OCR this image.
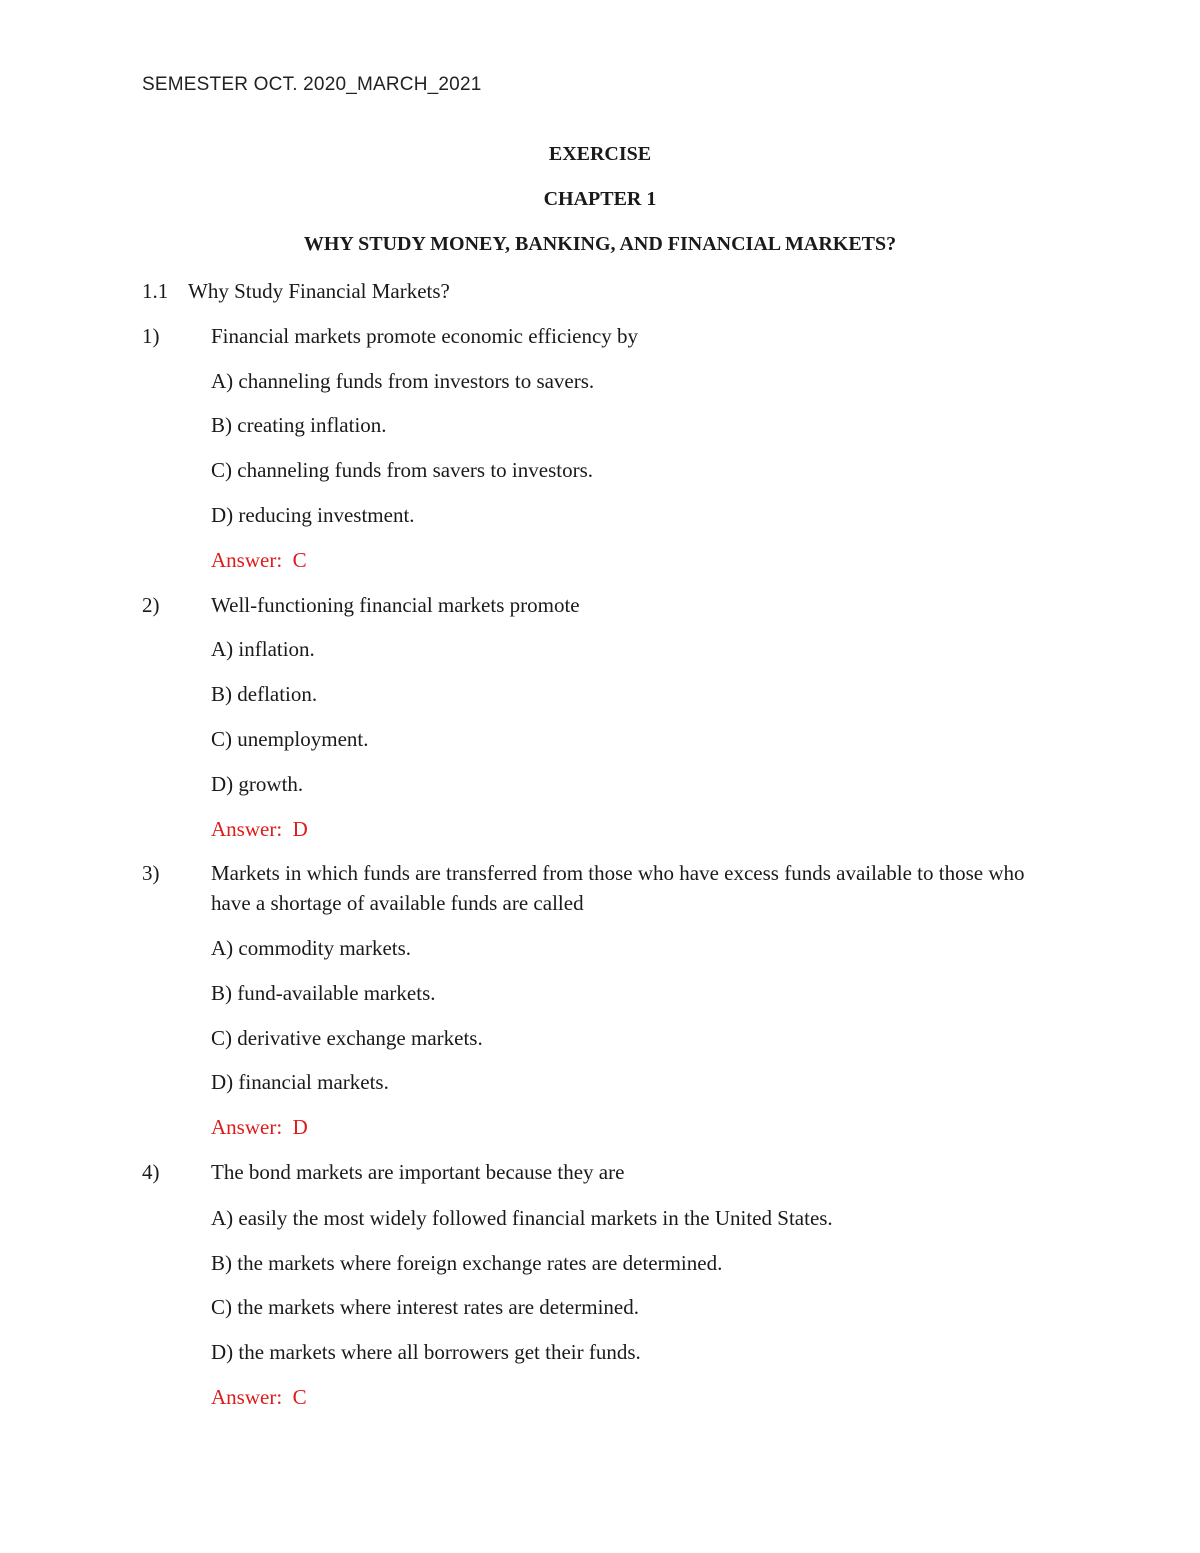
SEMESTER OCT. 2020_MARCH_2021
EXERCISE
CHAPTER 1
WHY STUDY MONEY, BANKING, AND FINANCIAL MARKETS?
1.1 Why Study Financial Markets?
1) Financial markets promote economic efficiency by
A) channeling funds from investors to savers.
B) creating inflation.
C) channeling funds from savers to investors.
D) reducing investment.
Answer:  C
2) Well-functioning financial markets promote
A) inflation.
B) deflation.
C) unemployment.
D) growth.
Answer:  D
3) Markets in which funds are transferred from those who have excess funds available to those who have a shortage of available funds are called
A) commodity markets.
B) fund-available markets.
C) derivative exchange markets.
D) financial markets.
Answer:  D
4) The bond markets are important because they are
A) easily the most widely followed financial markets in the United States.
B) the markets where foreign exchange rates are determined.
C) the markets where interest rates are determined.
D) the markets where all borrowers get their funds.
Answer:  C
